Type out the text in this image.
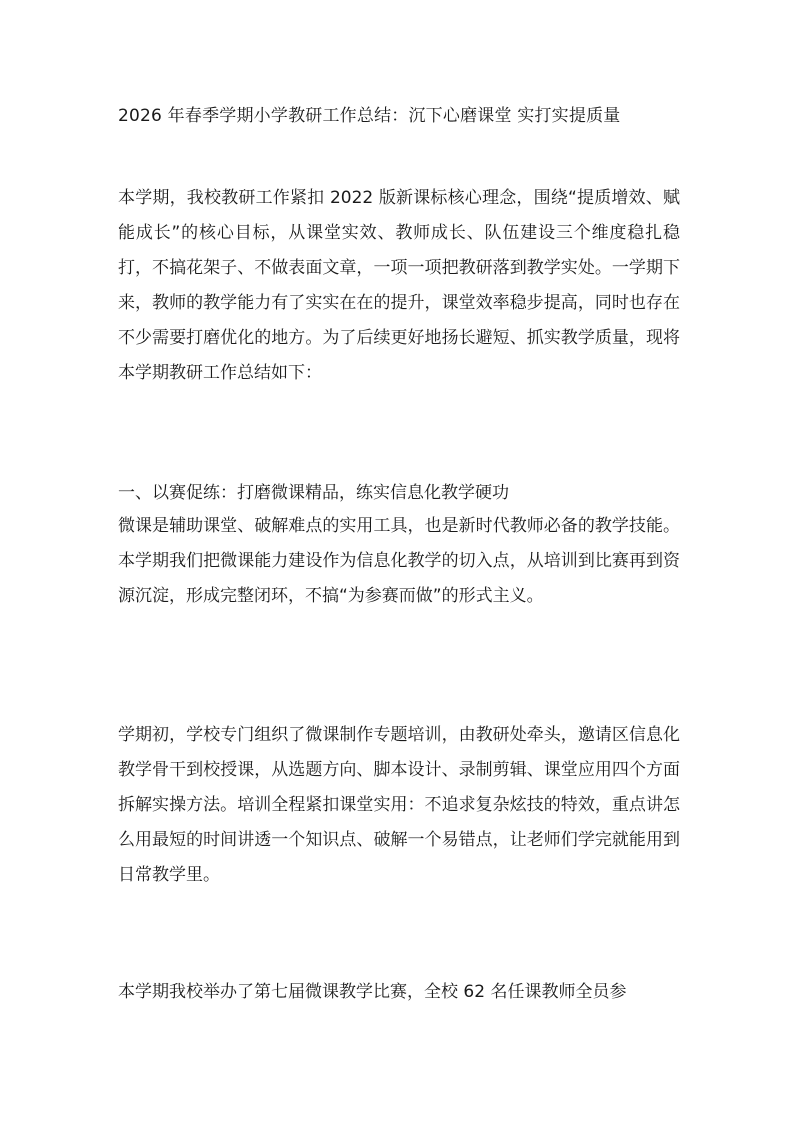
2026 年春季学期小学教研工作总结：沉下心磨课堂 实打实提质量

本学期，我校教研工作紧扣 2022 版新课标核心理念，围绕“提质增效、赋能成长”的核心目标，从课堂实效、教师成长、队伍建设三个维度稳扎稳打，不搞花架子、不做表面文章，一项一项把教研落到教学实处。一学期下来，教师的教学能力有了实实在在的提升，课堂效率稳步提高，同时也存在不少需要打磨优化的地方。为了后续更好地扬长避短、抓实教学质量，现将本学期教研工作总结如下：

一、以赛促练：打磨微课精品，练实信息化教学硬功

微课是辅助课堂、破解难点的实用工具，也是新时代教师必备的教学技能。本学期我们把微课能力建设作为信息化教学的切入点，从培训到比赛再到资源沉淀，形成完整闭环，不搞“为参赛而做”的形式主义。

学期初，学校专门组织了微课制作专题培训，由教研处牵头，邀请区信息化教学骨干到校授课，从选题方向、脚本设计、录制剪辑、课堂应用四个方面拆解实操方法。培训全程紧扣课堂实用：不追求复杂炫技的特效，重点讲怎么用最短的时间讲透一个知识点、破解一个易错点，让老师们学完就能用到日常教学里。

本学期我校举办了第七届微课教学比赛，全校 62 名任课教师全员参
